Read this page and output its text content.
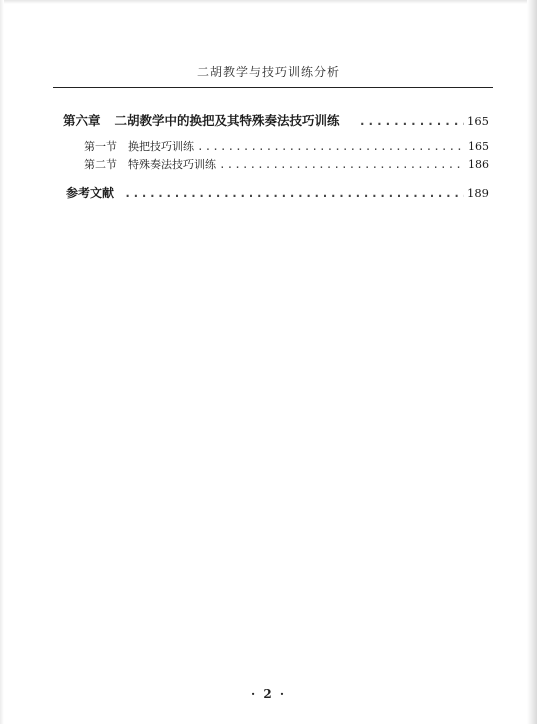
二胡教学与技巧训练分析
第六章 二胡教学中的换把及其特殊奏法技巧训练 .....	165
第一节 换把技巧训练 .....	165
第二节 特殊奏法技巧训练 .....	186
参考文献 .....	189
· 2 ·
